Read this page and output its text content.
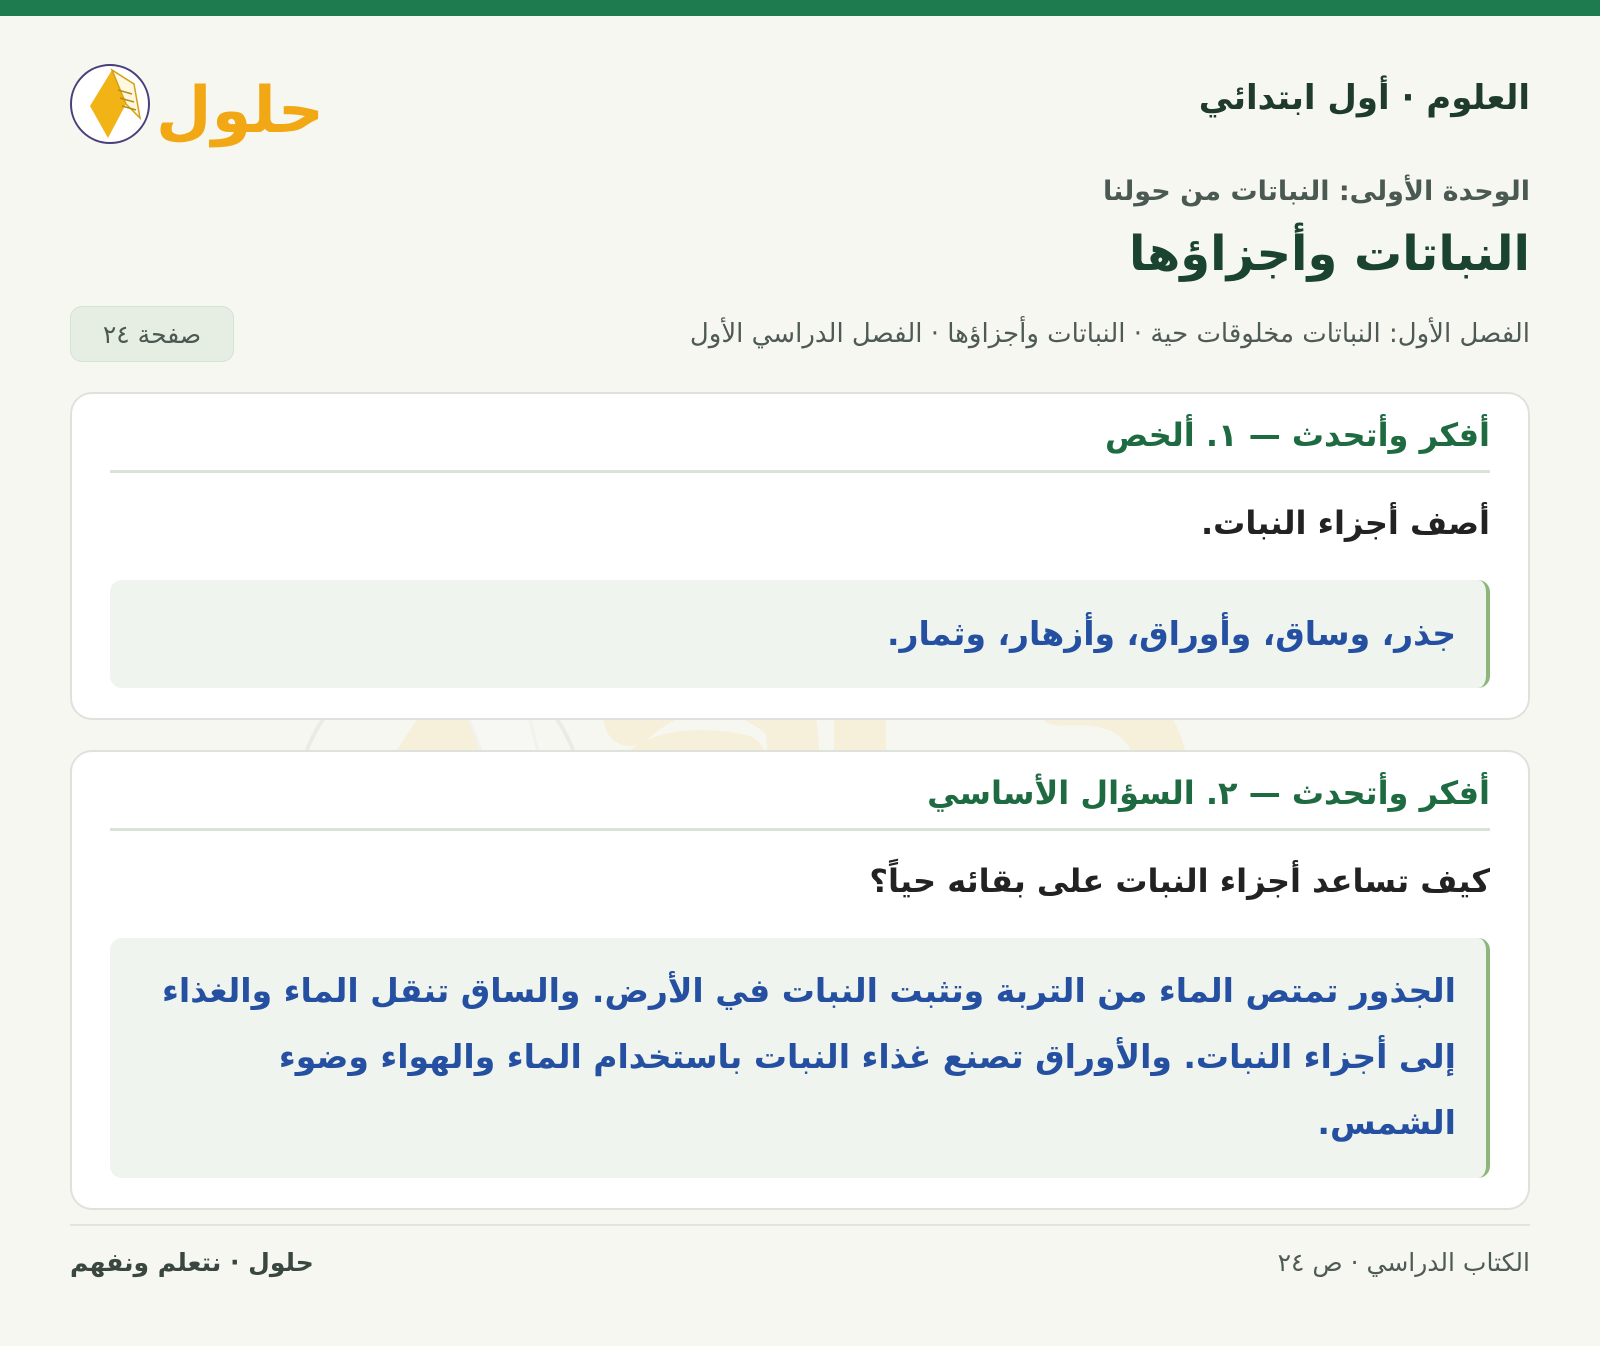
العلوم · أول ابتدائي
حلول
الوحدة الأولى: النباتات من حولنا
النباتات وأجزاؤها
الفصل الأول: النباتات مخلوقات حية · النباتات وأجزاؤها · الفصل الدراسي الأول
صفحة ٢٤
أفكر وأتحدث — ١. ألخص
أصف أجزاء النبات.
جذر، وساق، وأوراق، وأزهار، وثمار.
أفكر وأتحدث — ٢. السؤال الأساسي
كيف تساعد أجزاء النبات على بقائه حياً؟
الجذور تمتص الماء من التربة وتثبت النبات في الأرض. والساق تنقل الماء والغذاء إلى أجزاء النبات. والأوراق تصنع غذاء النبات باستخدام الماء والهواء وضوء الشمس.
الكتاب الدراسي · ص ٢٤
حلول · نتعلم ونفهم
